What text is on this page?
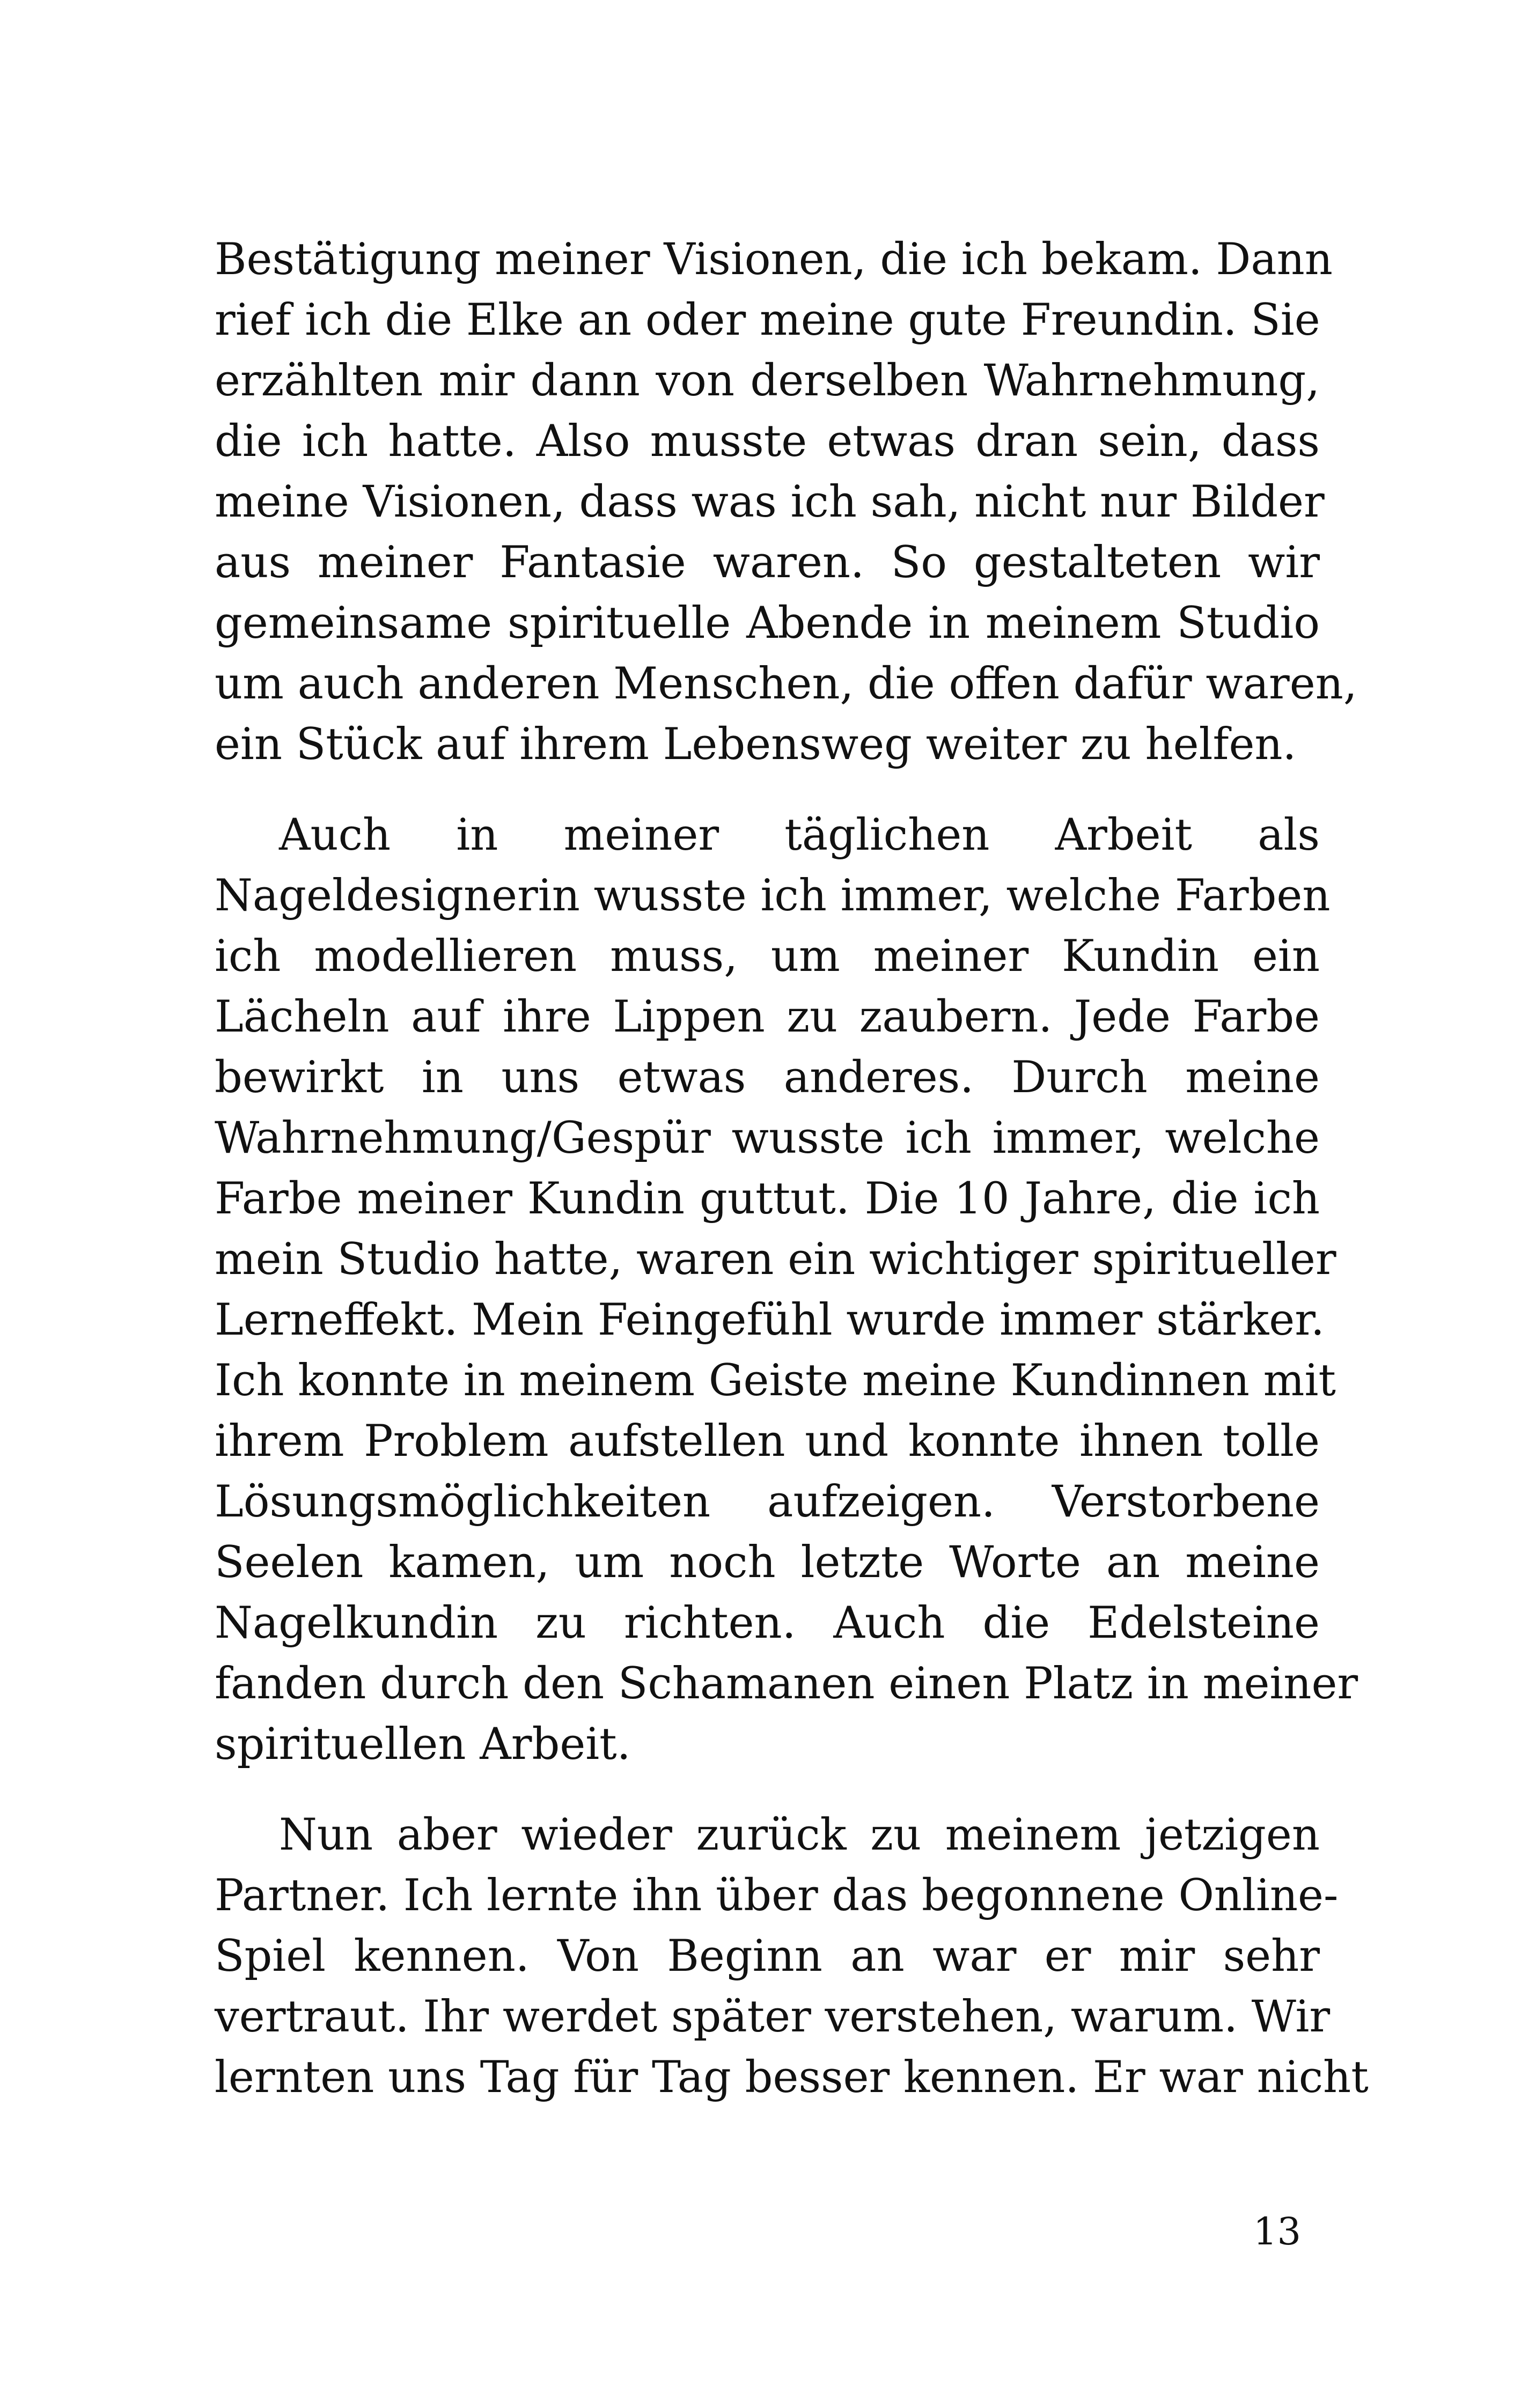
Bestätigung meiner Visionen, die ich bekam. Dann
rief ich die Elke an oder meine gute Freundin. Sie
erzählten mir dann von derselben Wahrnehmung,
die ich hatte. Also musste etwas dran sein, dass
meine Visionen, dass was ich sah, nicht nur Bilder
aus meiner Fantasie waren. So gestalteten wir
gemeinsame spirituelle Abende in meinem Studio
um auch anderen Menschen, die offen dafür waren,
ein Stück auf ihrem Lebensweg weiter zu helfen.
Auch in meiner täglichen Arbeit als
Nageldesignerin wusste ich immer, welche Farben
ich modellieren muss, um meiner Kundin ein
Lächeln auf ihre Lippen zu zaubern. Jede Farbe
bewirkt in uns etwas anderes. Durch meine
Wahrnehmung/Gespür wusste ich immer, welche
Farbe meiner Kundin guttut. Die 10 Jahre, die ich
mein Studio hatte, waren ein wichtiger spiritueller
Lerneffekt. Mein Feingefühl wurde immer stärker.
Ich konnte in meinem Geiste meine Kundinnen mit
ihrem Problem aufstellen und konnte ihnen tolle
Lösungsmöglichkeiten aufzeigen. Verstorbene
Seelen kamen, um noch letzte Worte an meine
Nagelkundin zu richten. Auch die Edelsteine
fanden durch den Schamanen einen Platz in meiner
spirituellen Arbeit.
Nun aber wieder zurück zu meinem jetzigen
Partner. Ich lernte ihn über das begonnene Online-
Spiel kennen. Von Beginn an war er mir sehr
vertraut. Ihr werdet später verstehen, warum. Wir
lernten uns Tag für Tag besser kennen. Er war nicht
13
